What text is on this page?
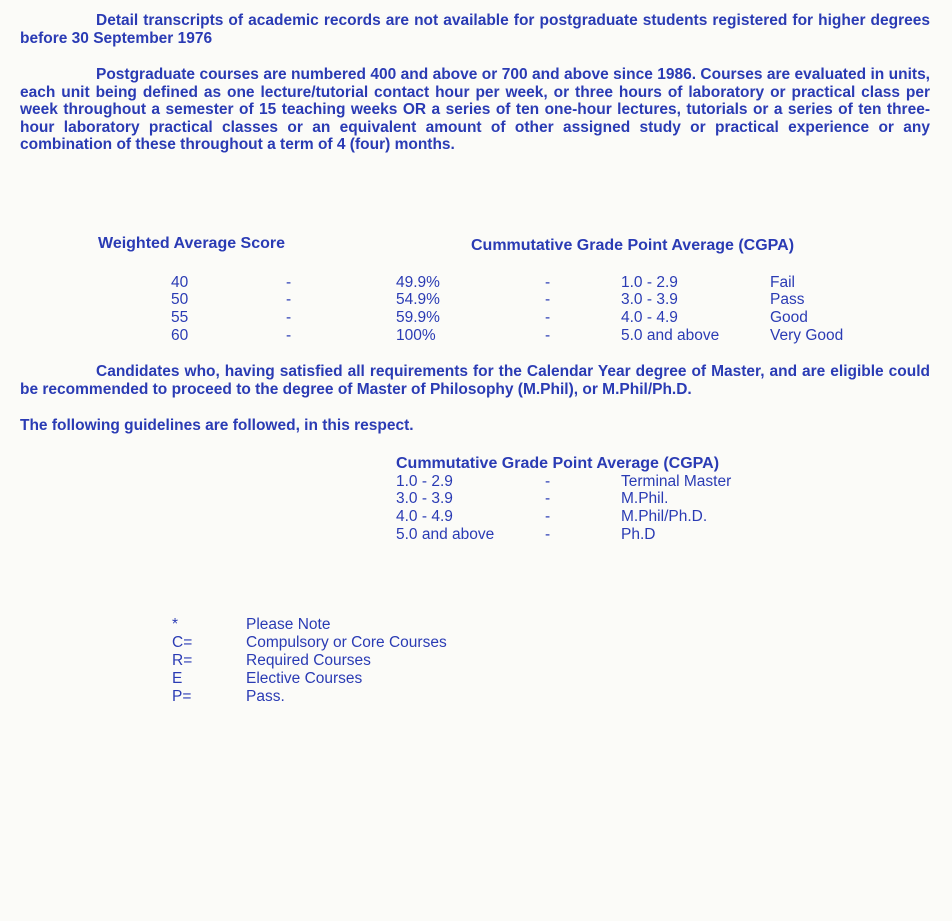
Detail transcripts of academic records are not available for postgraduate students registered for higher degrees before 30 September 1976

Postgraduate courses are numbered 400 and above or 700 and above since 1986. Courses are evaluated in units, each unit being defined as one lecture/tutorial contact hour per week, or three hours of laboratory or practical class per week throughout a semester of 15 teaching weeks OR a series of ten one-hour lectures, tutorials or a series of ten three-hour laboratory practical classes or an equivalent amount of other assigned study or practical experience or any combination of these throughout a term of 4 (four) months.

Weighted Average Score	Cummutative Grade Point Average (CGPA)
40	-	49.9%	-	1.0 - 2.9	Fail
50	-	54.9%	-	3.0 - 3.9	Pass
55	-	59.9%	-	4.0 - 4.9	Good
60	-	100%	-	5.0 and above	Very Good

Candidates who, having satisfied all requirements for the Calendar Year degree of Master, and are eligible could be recommended to proceed to the degree of Master of Philosophy (M.Phil), or M.Phil/Ph.D.

The following guidelines are followed, in this respect.
Cummutative Grade Point Average (CGPA)
1.0 - 2.9	-	Terminal Master
3.0 - 3.9	-	M.Phil.
4.0 - 4.9	-	M.Phil/Ph.D.
5.0 and above	-	Ph.D
*	Please Note
C=	Compulsory or Core Courses
R=	Required Courses
E	Elective Courses
P=	Pass.
